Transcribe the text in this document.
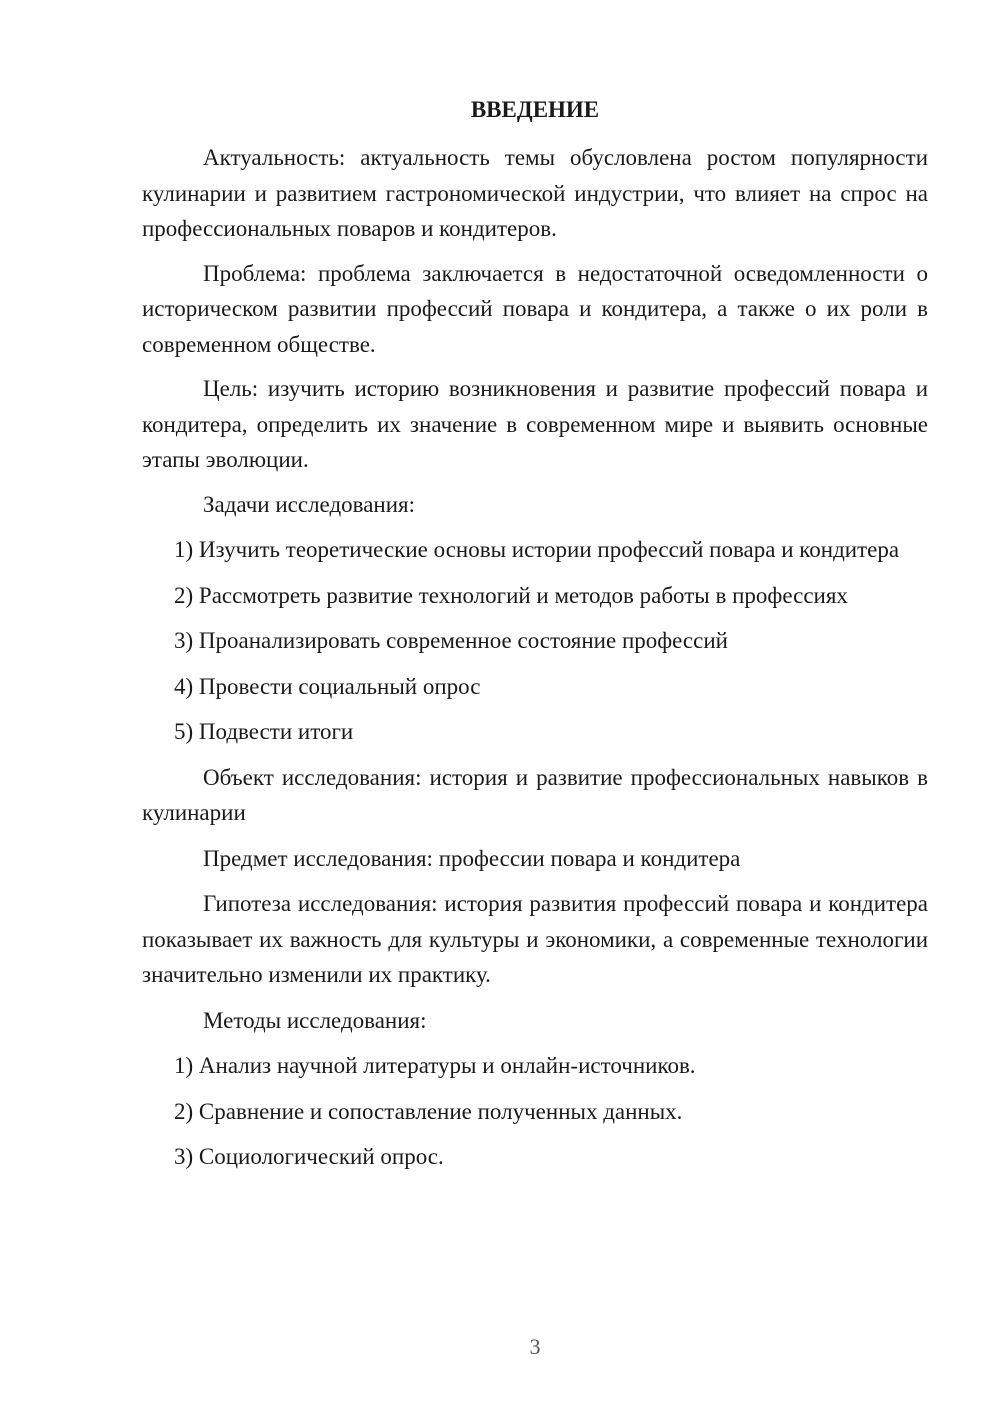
ВВЕДЕНИЕ

Актуальность: актуальность темы обусловлена ростом популярности кулинарии и развитием гастрономической индустрии, что влияет на спрос на профессиональных поваров и кондитеров.

Проблема: проблема заключается в недостаточной осведомленности о историческом развитии профессий повара и кондитера, а также о их роли в современном обществе.

Цель: изучить историю возникновения и развитие профессий повара и кондитера, определить их значение в современном мире и выявить основные этапы эволюции.

Задачи исследования:

1) Изучить теоретические основы истории профессий повара и кондитера

2) Рассмотреть развитие технологий и методов работы в профессиях

3) Проанализировать современное состояние профессий

4) Провести социальный опрос

5) Подвести итоги

Объект исследования: история и развитие профессиональных навыков в кулинарии

Предмет исследования: профессии повара и кондитера

Гипотеза исследования: история развития профессий повара и кондитера показывает их важность для культуры и экономики, а современные технологии значительно изменили их практику.

Методы исследования:

1) Анализ научной литературы и онлайн-источников.

2) Сравнение и сопоставление полученных данных.

3) Социологический опрос.

3
